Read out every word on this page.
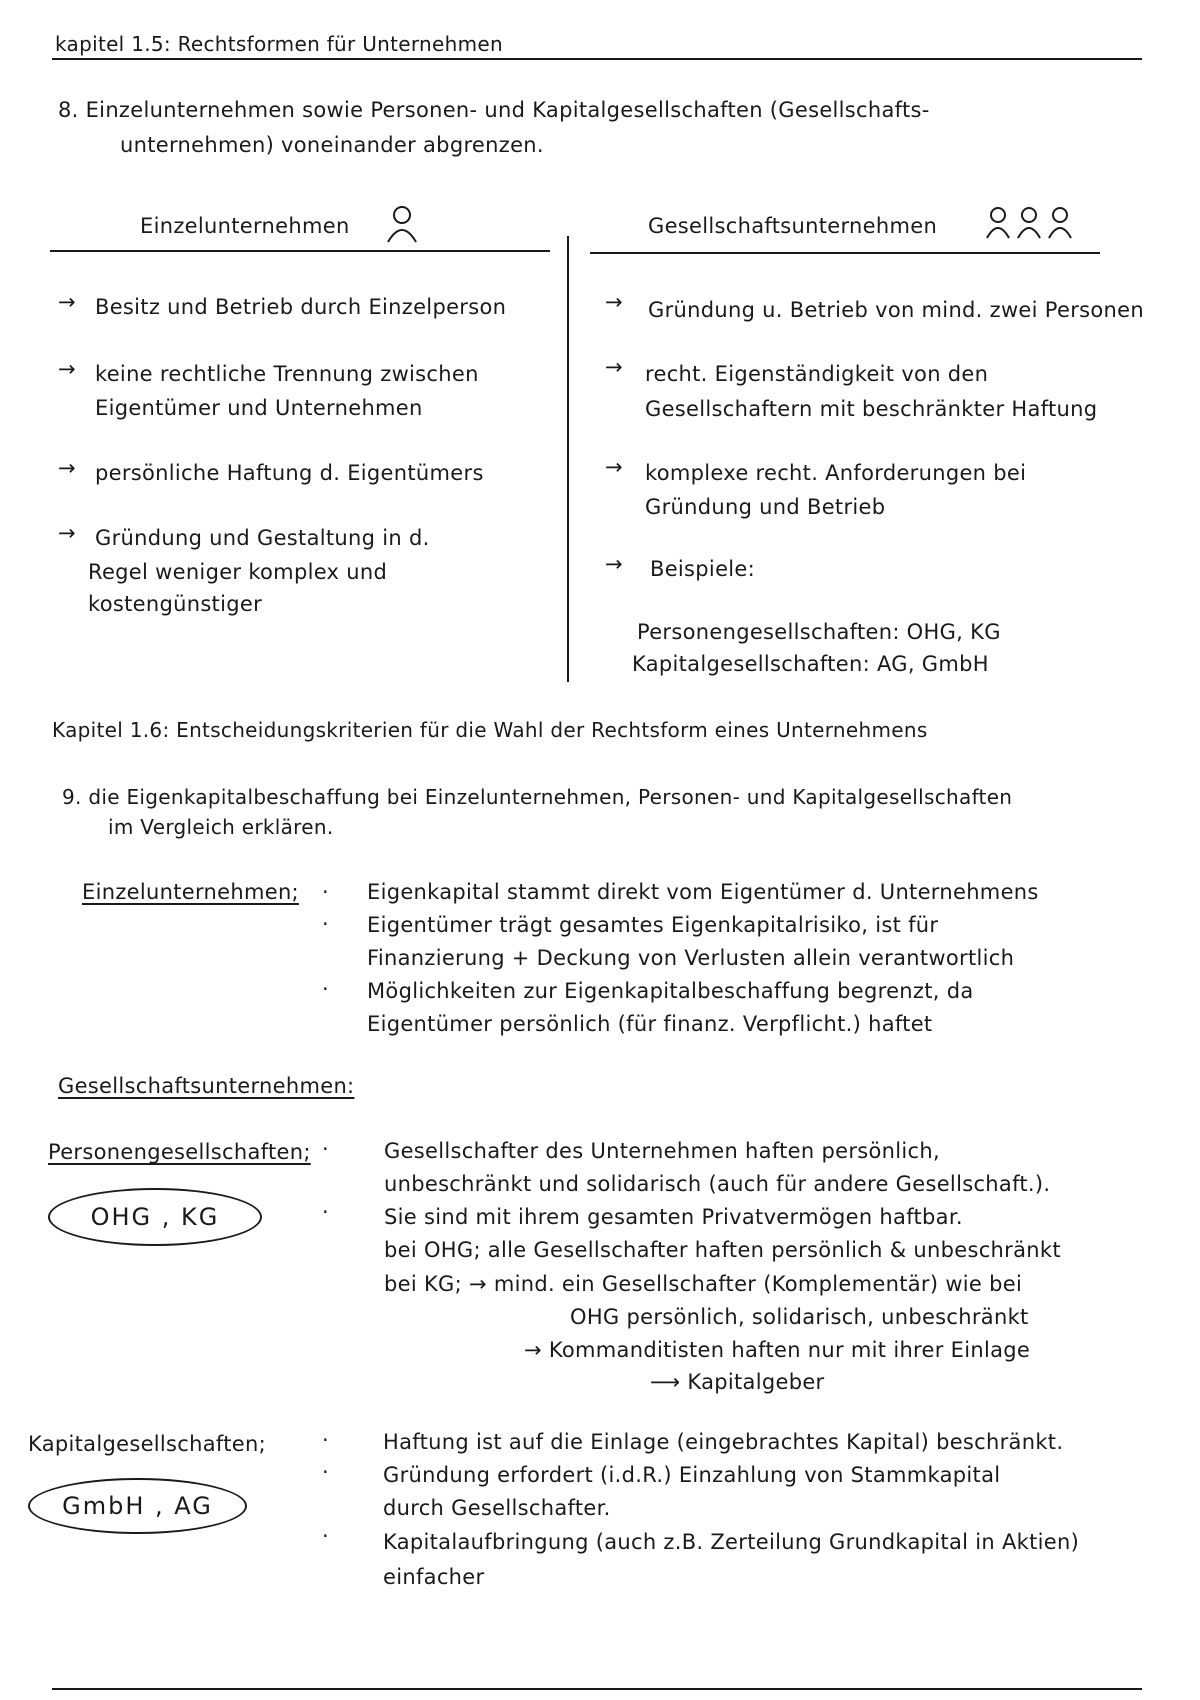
kapitel 1.5: Rechtsformen für Unternehmen
8. Einzelunternehmen sowie Personen- und Kapitalgesellschaften (Gesellschafts-
unternehmen) voneinander abgrenzen.
Einzelunternehmen	Gesellschaftsunternehmen
→ Besitz und Betrieb durch Einzelperson
→ keine rechtliche Trennung zwischen
Eigentümer und Unternehmen
→ persönliche Haftung d. Eigentümers
→ Gründung und Gestaltung in d.
Regel weniger komplex und
kostengünstiger
→ Gründung u. Betrieb von mind. zwei Personen
→ recht. Eigenständigkeit von den
Gesellschaftern mit beschränkter Haftung
→ komplexe recht. Anforderungen bei
Gründung und Betrieb
→ Beispiele:
Personengesellschaften: OHG, KG
Kapitalgesellschaften: AG, GmbH
Kapitel 1.6: Entscheidungskriterien für die Wahl der Rechtsform eines Unternehmens
9. die Eigenkapitalbeschaffung bei Einzelunternehmen, Personen- und Kapitalgesellschaften
im Vergleich erklären.
Einzelunternehmen; ·
·
·
Eigenkapital stammt direkt vom Eigentümer d. Unternehmens
Eigentümer trägt gesamtes Eigenkapitalrisiko, ist für
Finanzierung + Deckung von Verlusten allein verantwortlich
Möglichkeiten zur Eigenkapitalbeschaffung begrenzt, da
Eigentümer persönlich (für finanz. Verpflicht.) haftet
Gesellschaftsunternehmen:
Personengesellschaften;
OHG , KG
·
·
Gesellschafter des Unternehmen haften persönlich,
unbeschränkt und solidarisch (auch für andere Gesellschaft.).
Sie sind mit ihrem gesamten Privatvermögen haftbar.
bei OHG; alle Gesellschafter haften persönlich & unbeschränkt
bei KG; → mind. ein Gesellschafter (Komplementär) wie bei
OHG persönlich, solidarisch, unbeschränkt
→ Kommanditisten haften nur mit ihrer Einlage
⟶ Kapitalgeber
Kapitalgesellschaften;
GmbH , AG
·
·
·
Haftung ist auf die Einlage (eingebrachtes Kapital) beschränkt.
Gründung erfordert (i.d.R.) Einzahlung von Stammkapital
durch Gesellschafter.
Kapitalaufbringung (auch z.B. Zerteilung Grundkapital in Aktien)
einfacher
